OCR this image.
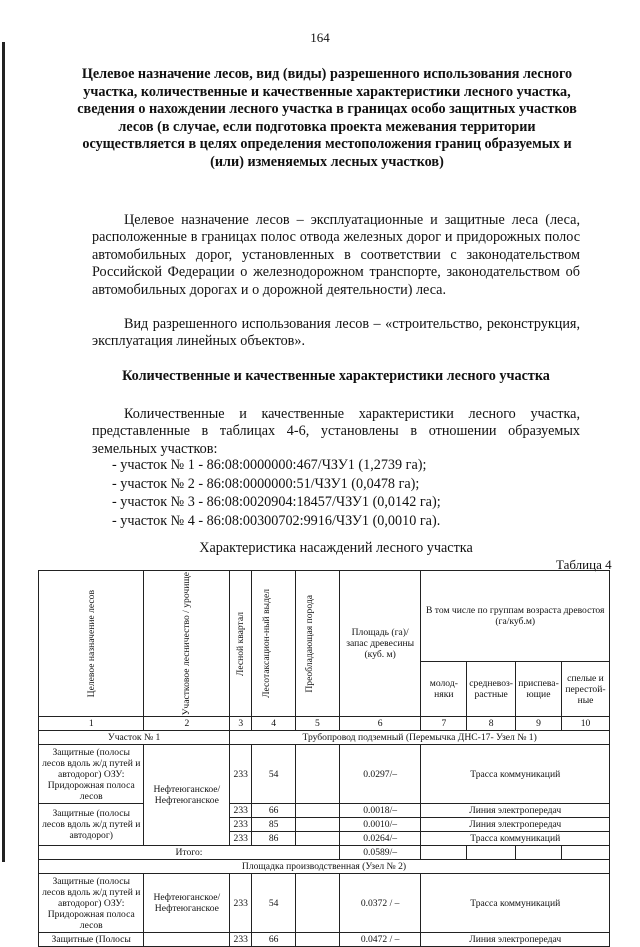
164
Целевое назначение лесов, вид (виды) разрешенного использования лесного участка, количественные и качественные характеристики лесного участка, сведения о нахождении лесного участка в границах особо защитных участков лесов (в случае, если подготовка проекта межевания территории осуществляется в целях определения местоположения границ образуемых и (или) изменяемых лесных участков)

Целевое назначение лесов – эксплуатационные и защитные леса (леса, расположенные в границах полос отвода железных дорог и придорожных полос автомобильных дорог, установленных в соответствии с законодательством Российской Федерации о железнодорожном транспорте, законодательством об автомобильных дорогах и о дорожной деятельности) леса.

Вид разрешенного использования лесов – «строительство, реконструкция, эксплуатация линейных объектов».

Количественные и качественные характеристики лесного участка

Количественные и качественные характеристики лесного участка, представленные в таблицах 4-6, установлены в отношении образуемых земельных участков:

- участок № 1 - 86:08:0000000:467/ЧЗУ1 (1,2739 га);
- участок № 2 - 86:08:0000000:51/ЧЗУ1 (0,0478 га);
- участок № 3 - 86:08:0020904:18457/ЧЗУ1 (0,0142 га);
- участок № 4 - 86:08:00300702:9916/ЧЗУ1 (0,0010 га).
Характеристика насаждений лесного участка
Таблица 4
Целевое назначение лесов	Участковое лесничество / урочище	Лесной квартал	Лесотаксацион-ный выдел	Преобладающая порода	Площадь (га)/ запас древесины (куб. м)	В том числе по группам возраста древостоя (га/куб.м)			
						молод-няки	средневоз-растные	приспева-ющие	спелые и перестой-ные
1	2	3	4	5	6	7	8	9	10
Участок № 1		Трубопровод подземный (Перемычка ДНС-17- Узел № 1)							
Защитные (полосы лесов вдоль ж/д путей и автодорог) ОЗУ: Придорожная полоса лесов	Нефтеюганское/ Нефтеюганское	233	54		0.0297/–	Трасса коммуникаций			
Защитные (полосы лесов вдоль ж/д путей и автодорог)		233	66		0.0018/–	Линия электропередач			
		233	85		0.0010/–	Линия электропередач			
		233	86		0.0264/–	Трасса коммуникаций			
Итого:					0.0589/–				
Площадка производственная (Узел № 2)									
Защитные (полосы лесов вдоль ж/д путей и автодорог) ОЗУ: Придорожная полоса лесов	Нефтеюганское/ Нефтеюганское	233	54		0.0372 / –	Трасса коммуникаций			
Защитные (Полосы		233	66		0.0472 / –	Линия электропередач			
